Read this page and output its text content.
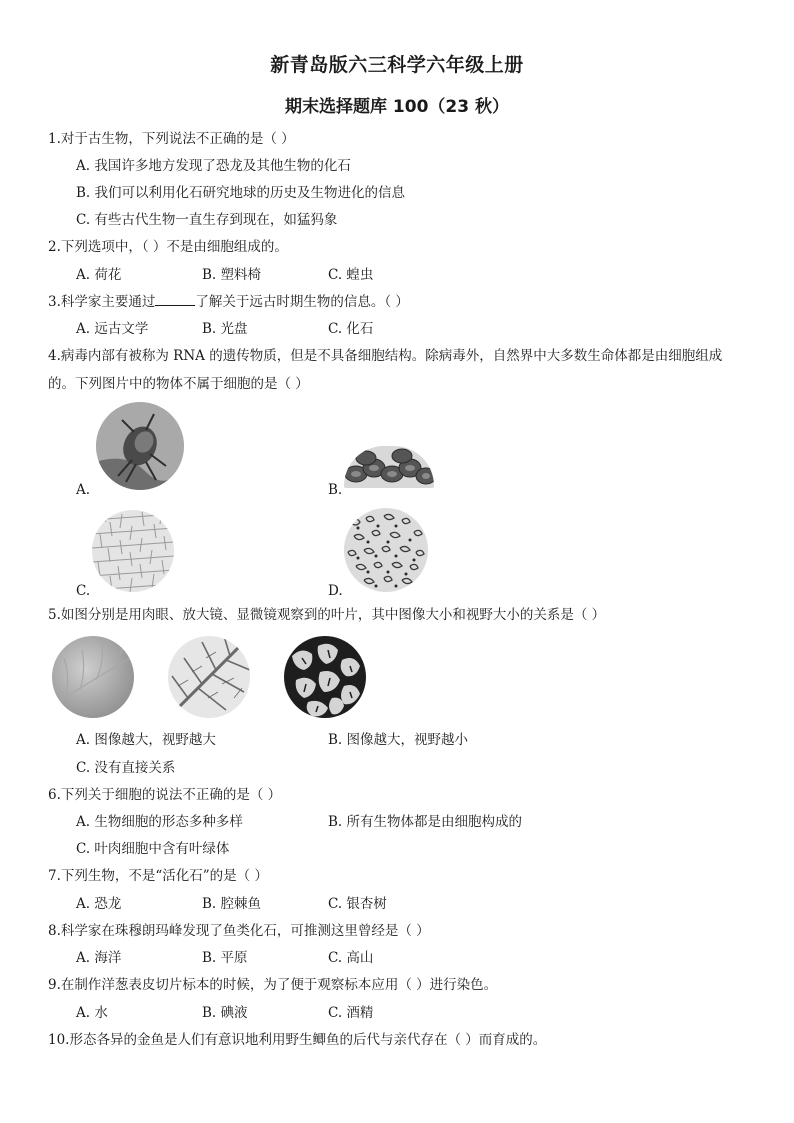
新青岛版六三科学六年级上册
期末选择题库 100（23 秋）
1.对于古生物，下列说法不正确的是（ ）
A. 我国许多地方发现了恐龙及其他生物的化石
B. 我们可以利用化石研究地球的历史及生物进化的信息
C. 有些古代生物一直生存到现在，如猛犸象
2.下列选项中，（ ）不是由细胞组成的。
A. 荷花	B. 塑料椅	C. 蝗虫
3.科学家主要通过	了解关于远古时期生物的信息。（ ）
A. 远古文学	B. 光盘	C. 化石
4.病毒内部有被称为 RNA 的遗传物质，但是不具备细胞结构。除病毒外，自然界中大多数生命体都是由细胞组成
的。下列图片中的物体不属于细胞的是（ ）
A.	B.
C.	D.
5.如图分别是用肉眼、放大镜、显微镜观察到的叶片，其中图像大小和视野大小的关系是（ ）
A. 图像越大，视野越大	B. 图像越大，视野越小
C. 没有直接关系
6.下列关于细胞的说法不正确的是（ ）
A. 生物细胞的形态多种多样	B. 所有生物体都是由细胞构成的
C. 叶肉细胞中含有叶绿体
7.下列生物，不是“活化石”的是（ ）
A. 恐龙	B. 腔棘鱼	C. 银杏树
8.科学家在珠穆朗玛峰发现了鱼类化石，可推测这里曾经是（ ）
A. 海洋	B. 平原	C. 高山
9.在制作洋葱表皮切片标本的时候，为了便于观察标本应用（ ）进行染色。
A. 水	B. 碘液	C. 酒精
10.形态各异的金鱼是人们有意识地利用野生鲫鱼的后代与亲代存在（ ）而育成的。
